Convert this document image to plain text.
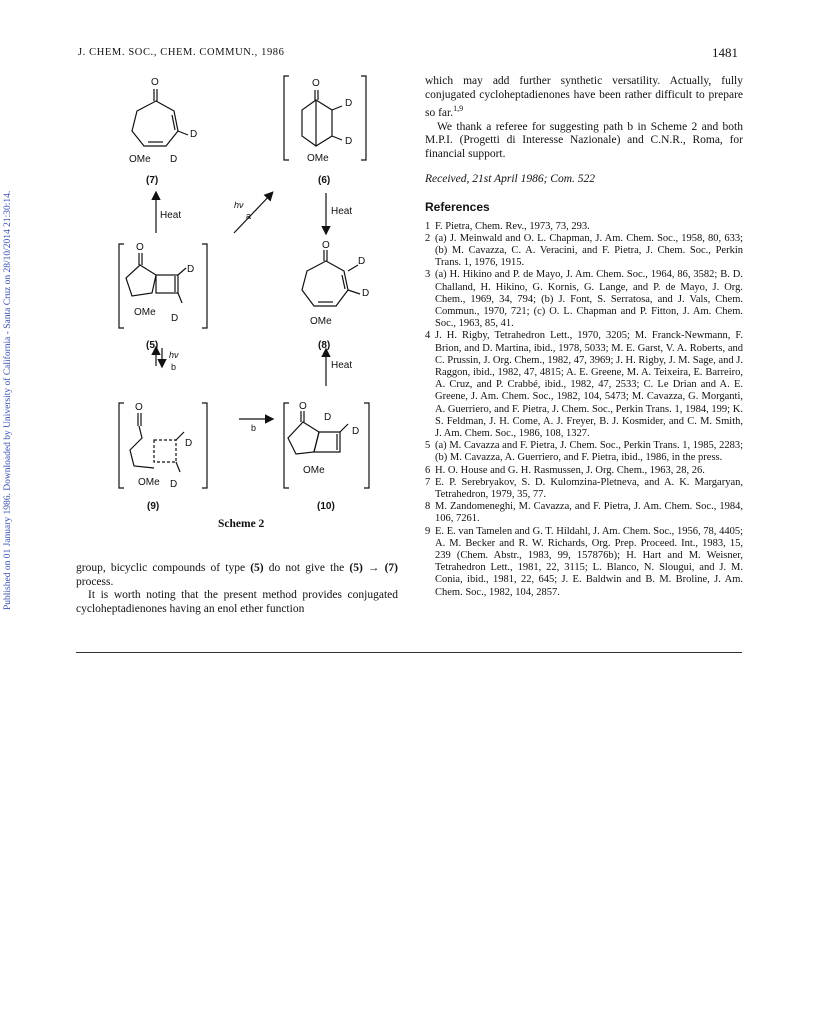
J. CHEM. SOC., CHEM. COMMUN., 1986	1481
Published on 01 January 1986. Downloaded by University of California - Santa Cruz on 28/10/2014 21:30:14.
O
D
OMe D
(7)
O
D
D
OMe
(6)
Heat
hν
a	Heat
O
D
OMe
D
(5)
O
D
D
OMe
(8)
hν
b	Heat
b
O
D
OMe D
(9)
O
D
D
OMe
(10)
Scheme 2

group, bicyclic compounds of type (5) do not give the (5) → (7) process.

It is worth noting that the present method provides conjugated cycloheptadienones having an enol ether function

which may add further synthetic versatility. Actually, fully conjugated cycloheptadienones have been rather difficult to prepare so far.$^{1,9}$

We thank a referee for suggesting path b in Scheme 2 and both M.P.I. (Progetti di Interesse Nazionale) and C.N.R., Roma, for financial support.

Received, 21st April 1986; Com. 522

References
1 F. Pietra, Chem. Rev., 1973, 73, 293.
2 (a) J. Meinwald and O. L. Chapman, J. Am. Chem. Soc., 1958, 80, 633; (b) M. Cavazza, C. A. Veracini, and F. Pietra, J. Chem. Soc., Perkin Trans. 1, 1976, 1915.
3 (a) H. Hikino and P. de Mayo, J. Am. Chem. Soc., 1964, 86, 3582; B. D. Challand, H. Hikino, G. Kornis, G. Lange, and P. de Mayo, J. Org. Chem., 1969, 34, 794; (b) J. Font, S. Serratosa, and J. Vals, Chem. Commun., 1970, 721; (c) O. L. Chapman and P. Fitton, J. Am. Chem. Soc., 1963, 85, 41.
4 J. H. Rigby, Tetrahedron Lett., 1970, 3205; M. Franck-Newmann, F. Brion, and D. Martina, ibid., 1978, 5033; M. E. Garst, V. A. Roberts, and C. Prussin, J. Org. Chem., 1982, 47, 3969; J. H. Rigby, J. M. Sage, and J. Raggon, ibid., 1982, 47, 4815; A. E. Greene, M. A. Teixeira, E. Barreiro, A. Cruz, and P. Crabbé, ibid., 1982, 47, 2533; C. Le Drian and A. E. Greene, J. Am. Chem. Soc., 1982, 104, 5473; M. Cavazza, G. Morganti, A. Guerriero, and F. Pietra, J. Chem. Soc., Perkin Trans. 1, 1984, 199; K. S. Feldman, J. H. Come, A. J. Freyer, B. J. Kosmider, and C. M. Smith, J. Am. Chem. Soc., 1986, 108, 1327.
5 (a) M. Cavazza and F. Pietra, J. Chem. Soc., Perkin Trans. 1, 1985, 2283; (b) M. Cavazza, A. Guerriero, and F. Pietra, ibid., 1986, in the press.
6 H. O. House and G. H. Rasmussen, J. Org. Chem., 1963, 28, 26.
7 E. P. Serebryakov, S. D. Kulomzina-Pletneva, and A. K. Margaryan, Tetrahedron, 1979, 35, 77.
8 M. Zandomeneghi, M. Cavazza, and F. Pietra, J. Am. Chem. Soc., 1984, 106, 7261.
9 E. E. van Tamelen and G. T. Hildahl, J. Am. Chem. Soc., 1956, 78, 4405; A. M. Becker and R. W. Richards, Org. Prep. Proceed. Int., 1983, 15, 239 (Chem. Abstr., 1983, 99, 157876b); H. Hart and M. Weisner, Tetrahedron Lett., 1981, 22, 3115; L. Blanco, N. Slougui, and J. M. Conia, ibid., 1981, 22, 645; J. E. Baldwin and B. M. Broline, J. Am. Chem. Soc., 1982, 104, 2857.
